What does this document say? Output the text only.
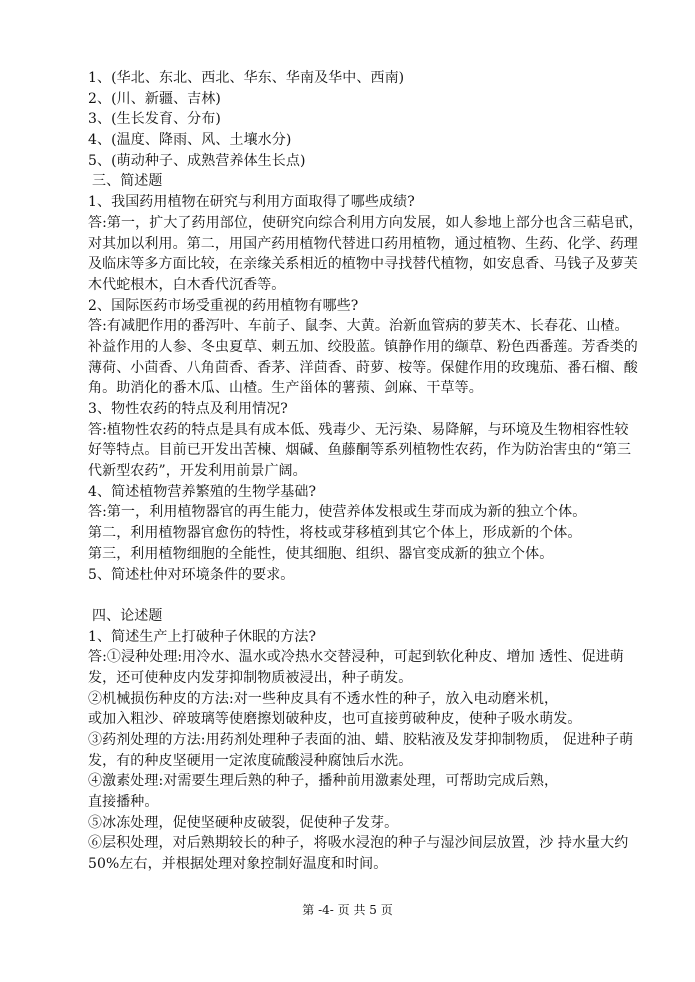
1、(华北、东北、西北、华东、华南及华中、西南)
2、(川、新疆、吉林)
3、(生长发育、分布)
4、(温度、降雨、风、土壤水分)
5、(萌动种子、成熟营养体生长点)
三、简述题
1、我国药用植物在研究与利用方面取得了哪些成绩?
答:第一，扩大了药用部位，使研究向综合利用方向发展，如人参地上部分也含三萜皂甙，
对其加以利用。第二，用国产药用植物代替进口药用植物，通过植物、生药、化学、药理
及临床等多方面比较，在亲缘关系相近的植物中寻找替代植物，如安息香、马钱子及萝芙
木代蛇根木，白木香代沉香等。
2、国际医药市场受重视的药用植物有哪些?
答:有减肥作用的番泻叶、车前子、鼠李、大黄。治新血管病的萝芙木、长春花、山楂。
补益作用的人参、冬虫夏草、刺五加、绞股蓝。镇静作用的缬草、粉色西番莲。芳香类的
薄荷、小茴香、八角茴香、香茅、洋茴香、莳萝、桉等。保健作用的玫瑰茄、番石榴、酸
角。助消化的番木瓜、山楂。生产甾体的薯蓣、剑麻、干草等。
3、物性农药的特点及利用情况?
答:植物性农药的特点是具有成本低、残毒少、无污染、易降解，与环境及生物相容性较
好等特点。目前已开发出苦楝、烟碱、鱼藤酮等系列植物性农药，作为防治害虫的“第三
代新型农药”，开发利用前景广阔。
4、简述植物营养繁殖的生物学基础?
答:第一，利用植物器官的再生能力，使营养体发根或生芽而成为新的独立个体。
第二，利用植物器官愈伤的特性，将枝或芽移植到其它个体上，形成新的个体。
第三，利用植物细胞的全能性，使其细胞、组织、器官变成新的独立个体。
5、简述杜仲对环境条件的要求。
四、论述题
1、简述生产上打破种子休眠的方法?
答:①浸种处理:用冷水、温水或冷热水交替浸种，可起到软化种皮、增加 透性、促进萌
发，还可使种皮内发芽抑制物质被浸出，种子萌发。
②机械损伤种皮的方法:对一些种皮具有不透水性的种子，放入电动磨米机，
或加入粗沙、碎玻璃等使磨擦划破种皮，也可直接剪破种皮，使种子吸水萌发。
③药剂处理的方法:用药剂处理种子表面的油、蜡、胶粘液及发芽抑制物质， 促进种子萌
发，有的种皮坚硬用一定浓度硫酸浸种腐蚀后水洗。
④激素处理:对需要生理后熟的种子，播种前用激素处理，可帮助完成后熟，
直接播种。
⑤冰冻处理，促使坚硬种皮破裂，促使种子发芽。
⑥层积处理，对后熟期较长的种子，将吸水浸泡的种子与湿沙间层放置，沙 持水量大约
50%左右，并根据处理对象控制好温度和时间。
第 -4- 页 共 5 页
